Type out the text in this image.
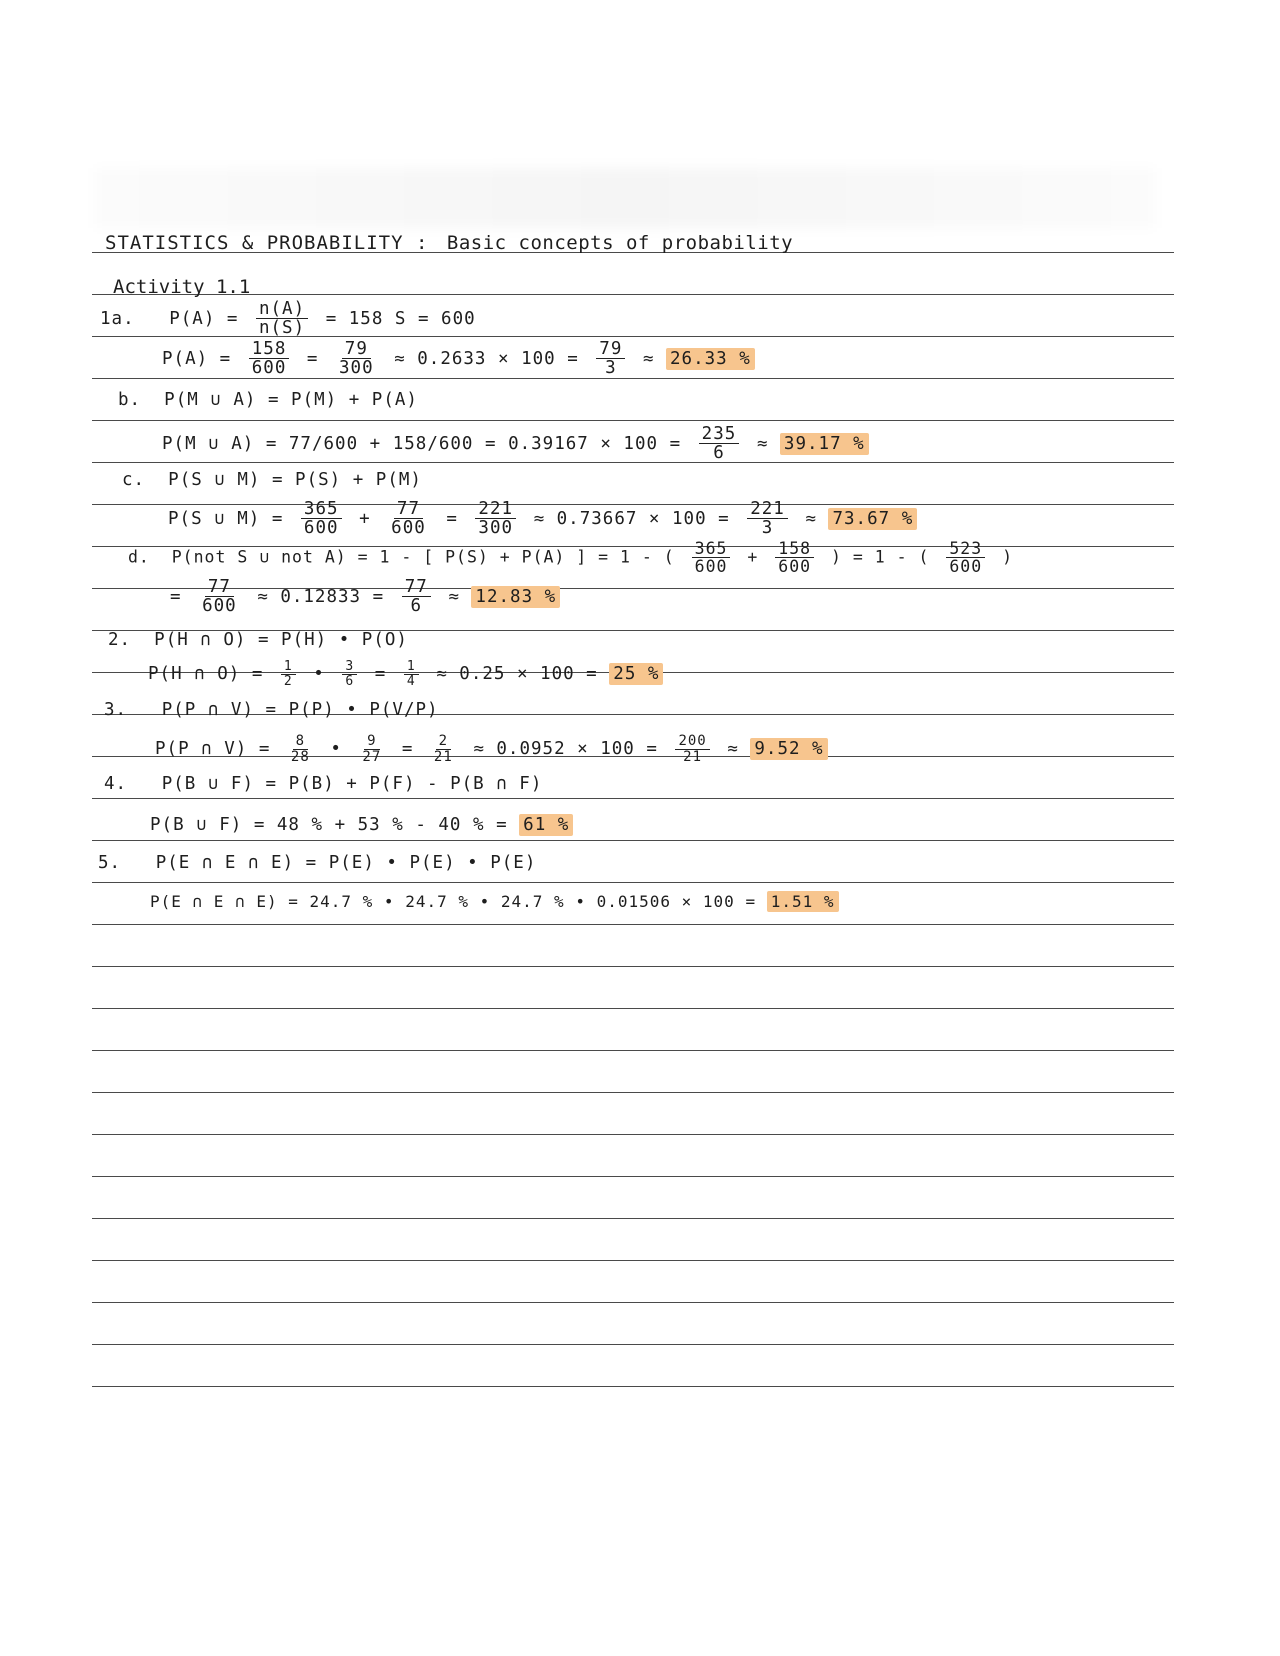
STATISTICS & PROBABILITY : Basic concepts of probability
Activity 1.1
1a. $P(A) = \frac{n(A)}{n(S)} = 158$ S = 600
$P(A) = \frac{158}{600} = \frac{79}{300} \approx 0.2633 \times 100 = \frac{79}{3} \approx 26.33$ %
b. P(M ∪ A) = P(M) + P(A)
P(M ∪ $A) = 77/600 + 158/600 = 0.39167 \times 100 = \frac{235}{6} \approx 39.17$ %
c. P(S ∪ M) = P(S) + P(M)
P(S ∪ $M) = \frac{365}{600} + \frac{77}{600} = \frac{221}{300} \approx 0.73667 \times 100 = \frac{221}{3} \approx 73.67$ %
d. P(not S ∪ not A) = 1 - [ P(S) + P(A) ] = 1 - ( $\frac{365}{600} + \frac{158}{600}$ ) = 1 - ( $\frac{523}{600}$ )
= $\frac{77}{600} \approx 0.12833 = \frac{77}{6} \approx 12.83$ %
2. P(H ∩ O) = P(H) • P(O)
P(H ∩ $O) = \frac{1}{2}$ • $\frac{3}{6} = \frac{1}{4} \approx 0.25 \times 100 = 25$ %
3. P(P ∩ V) = P(P) • P(V/P)
P(P ∩ $V) = \frac{8}{28}$ • $\frac{9}{27} = \frac{2}{21} \approx 0.0952 \times 100 = \frac{200}{21} \approx 9.52$ %
4. P(B ∪ F) = P(B) + P(F) - P(B ∩ F)
P(B ∪ F) = 48 % + 53 % - 40 % = 61 %
5. P(E ∩ E ∩ E) = P(E) • P(E) • P(E)
P(E ∩ E ∩ E) = 24.7 % • 24.7 % • 24.7 % • 0.01506 × 100 = 1.51 %
